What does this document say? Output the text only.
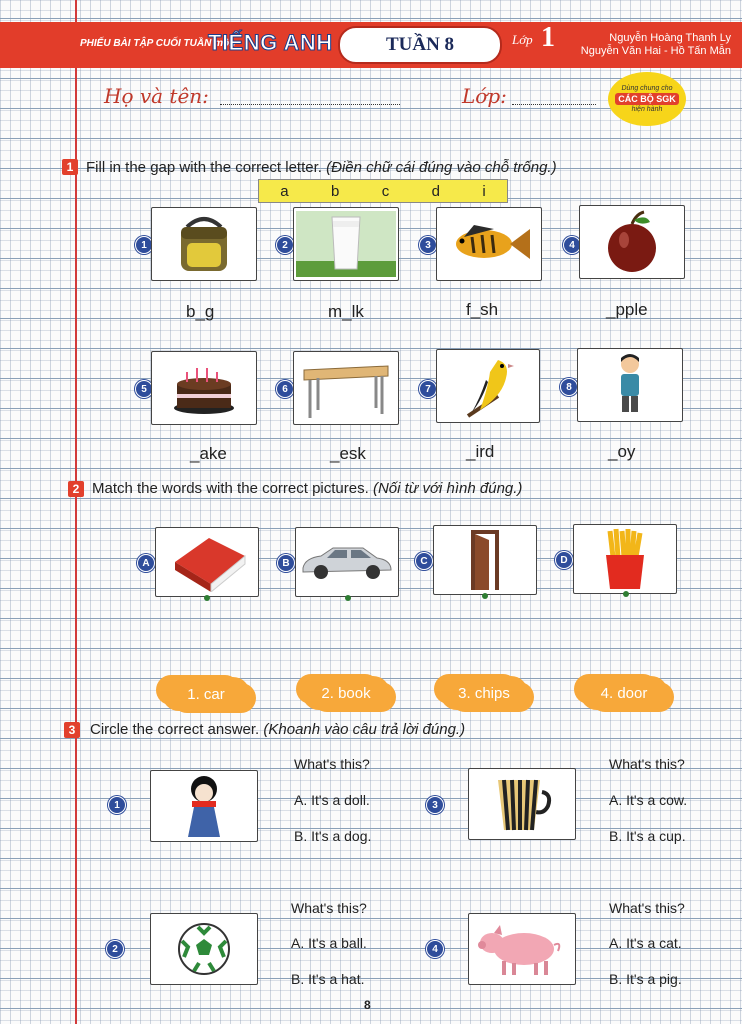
PHIẾU BÀI TẬP CUỐI TUẦN môn
TIẾNG ANH	TUẦN 8	Lớp 1	Nguyễn Hoàng Thanh Ly
Nguyễn Văn Hai - Hồ Tấn Mẫn
Họ và tên:	Lớp:	Dùng chung cho
CÁC BỘ SGK
hiện hành
1 Fill in the gap with the correct letter. (Điền chữ cái đúng vào chỗ trống.)
a	b	c	d	i
1	2	3	4
b_g	m_lk	f_sh	_pple
5	6	7	8
_ake	_esk	_ird	_oy
2 Match the words with the correct pictures. (Nối từ với hình đúng.)
A	B	C	D
1. car	2. book	3. chips	4. door
3 Circle the correct answer. (Khoanh vào câu trả lời đúng.)
1
What's this?
A. It's a doll.
B. It's a dog.
3
What's this?
A. It's a cow.
B. It's a cup.
2
What's this?
A. It's a ball.
B. It's a hat.
4
What's this?
A. It's a cat.
B. It's a pig.
8
